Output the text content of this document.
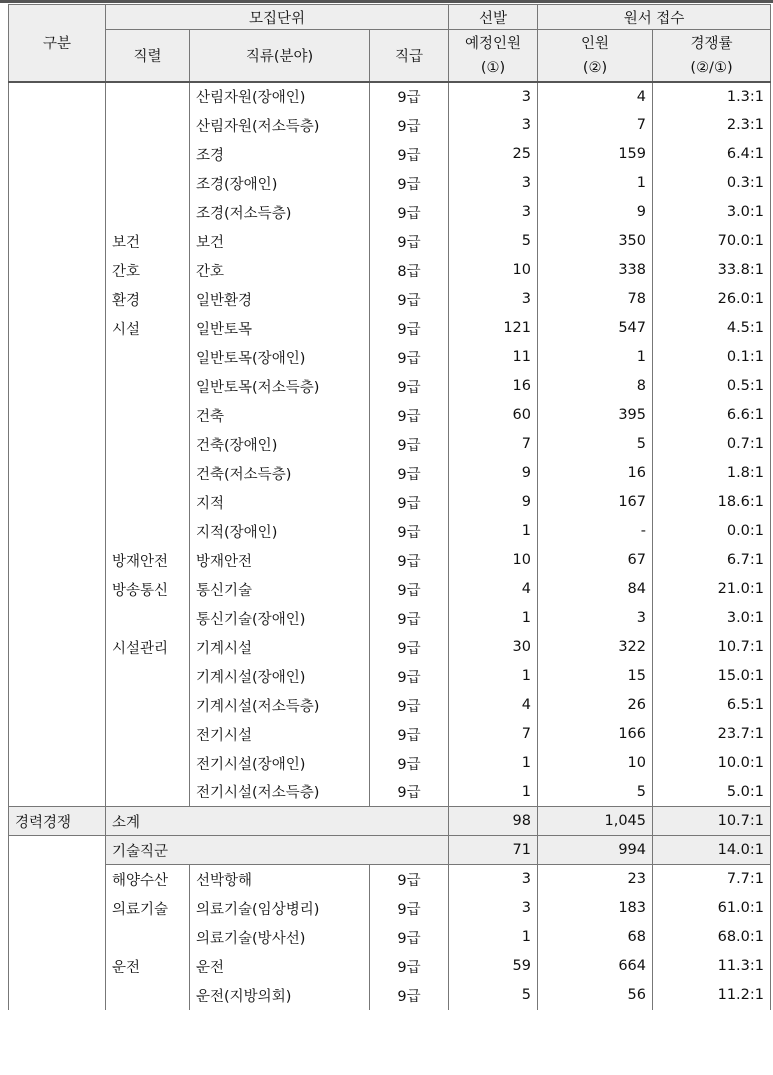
구분	모집단위			선발	원서 접수	
	직렬	직류(분야)	직급	예정인원	인원	경쟁률
				(①)	(②)	(②/①)
		산림자원(장애인)	9급	3	4	1.3:1
		산림자원(저소득층)	9급	3	7	2.3:1
		조경	9급	25	159	6.4:1
		조경(장애인)	9급	3	1	0.3:1
		조경(저소득층)	9급	3	9	3.0:1
	보건	보건	9급	5	350	70.0:1
	간호	간호	8급	10	338	33.8:1
	환경	일반환경	9급	3	78	26.0:1
	시설	일반토목	9급	121	547	4.5:1
		일반토목(장애인)	9급	11	1	0.1:1
		일반토목(저소득층)	9급	16	8	0.5:1
		건축	9급	60	395	6.6:1
		건축(장애인)	9급	7	5	0.7:1
		건축(저소득층)	9급	9	16	1.8:1
		지적	9급	9	167	18.6:1
		지적(장애인)	9급	1	-	0.0:1
	방재안전	방재안전	9급	10	67	6.7:1
	방송통신	통신기술	9급	4	84	21.0:1
		통신기술(장애인)	9급	1	3	3.0:1
	시설관리	기계시설	9급	30	322	10.7:1
		기계시설(장애인)	9급	1	15	15.0:1
		기계시설(저소득층)	9급	4	26	6.5:1
		전기시설	9급	7	166	23.7:1
		전기시설(장애인)	9급	1	10	10.0:1
		전기시설(저소득층)	9급	1	5	5.0:1
경력경쟁	소계			98	1,045	10.7:1
	기술직군			71	994	14.0:1
	해양수산	선박항해	9급	3	23	7.7:1
	의료기술	의료기술(임상병리)	9급	3	183	61.0:1
		의료기술(방사선)	9급	1	68	68.0:1
	운전	운전	9급	59	664	11.3:1
		운전(지방의회)	9급	5	56	11.2:1
